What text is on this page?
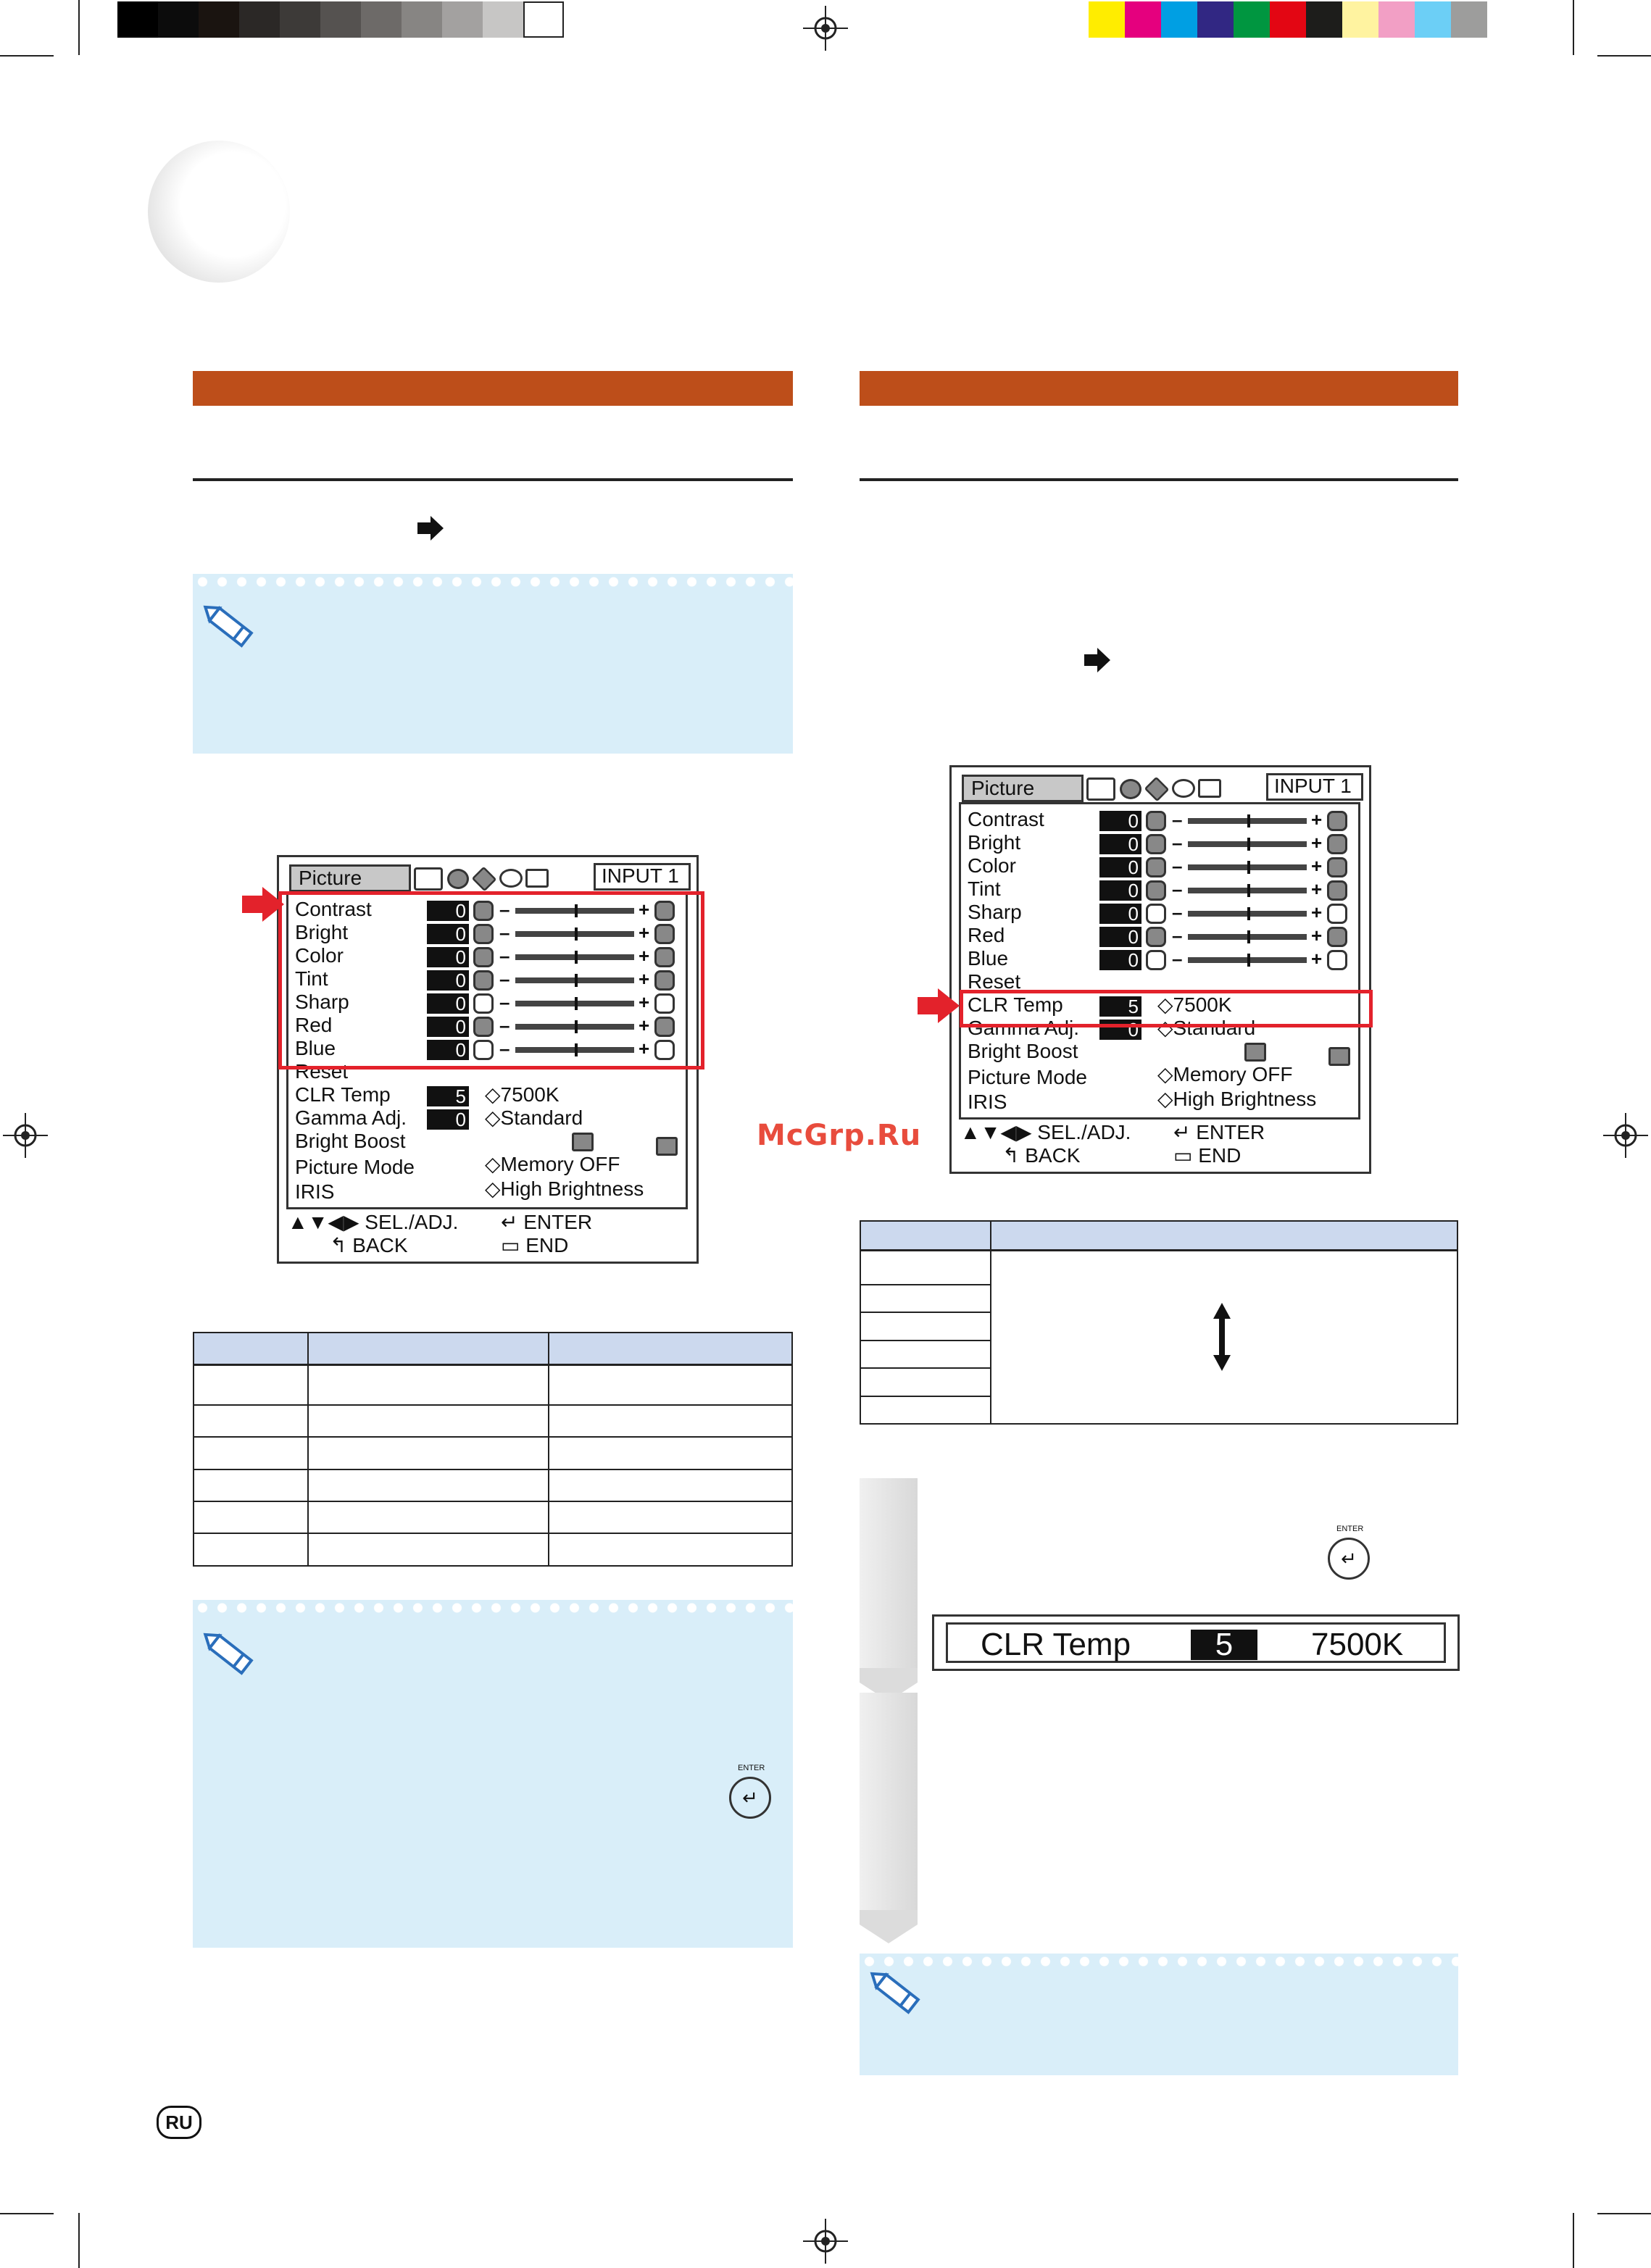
Picture	INPUT 1
Contrast	0 –	+
Bright	0 –	+
Color	0 –	+
Tint	0 –	+
Sharp	0 –	+
Red	0 –	+
Blue	0 –	+
Reset
CLR Temp	5 ◇7500K
Gamma Adj.	0 ◇Standard
Bright Boost
Picture Mode	◇Memory OFF
IRIS	◇High Brightness
▲▼◀▶ SEL./ADJ.
↰ BACK
↵ ENTER
▭ END

ENTER
↵
Picture	INPUT 1
Contrast	0 –	+
Bright	0 –	+
Color	0 –	+
Tint	0 –	+
Sharp	0 –	+
Red	0 –	+
Blue	0 –	+
Reset
CLR Temp	5 ◇7500K
Gamma Adj.	0 ◇Standard
Bright Boost
Picture Mode	◇Memory OFF
IRIS	◇High Brightness
▲▼◀▶ SEL./ADJ.
↰ BACK
↵ ENTER
▭ END
McGrp.Ru

ENTER
↵
CLR Temp	5	7500K
RU
